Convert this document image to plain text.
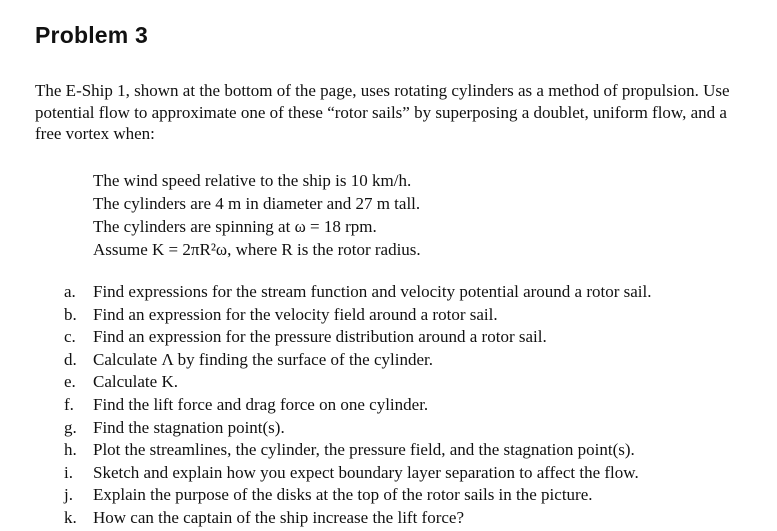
Problem 3
The E-Ship 1, shown at the bottom of the page, uses rotating cylinders as a method of propulsion. Use potential flow to approximate one of these “rotor sails” by superposing a doublet, uniform flow, and a free vortex when:
The wind speed relative to the ship is 10 km/h.
The cylinders are 4 m in diameter and 27 m tall.
The cylinders are spinning at ω = 18 rpm.
Assume K = 2πR²ω, where R is the rotor radius.
a. Find expressions for the stream function and velocity potential around a rotor sail.
b. Find an expression for the velocity field around a rotor sail.
c. Find an expression for the pressure distribution around a rotor sail.
d. Calculate Λ by finding the surface of the cylinder.
e. Calculate K.
f. Find the lift force and drag force on one cylinder.
g. Find the stagnation point(s).
h. Plot the streamlines, the cylinder, the pressure field, and the stagnation point(s).
i. Sketch and explain how you expect boundary layer separation to affect the flow.
j. Explain the purpose of the disks at the top of the rotor sails in the picture.
k. How can the captain of the ship increase the lift force?
